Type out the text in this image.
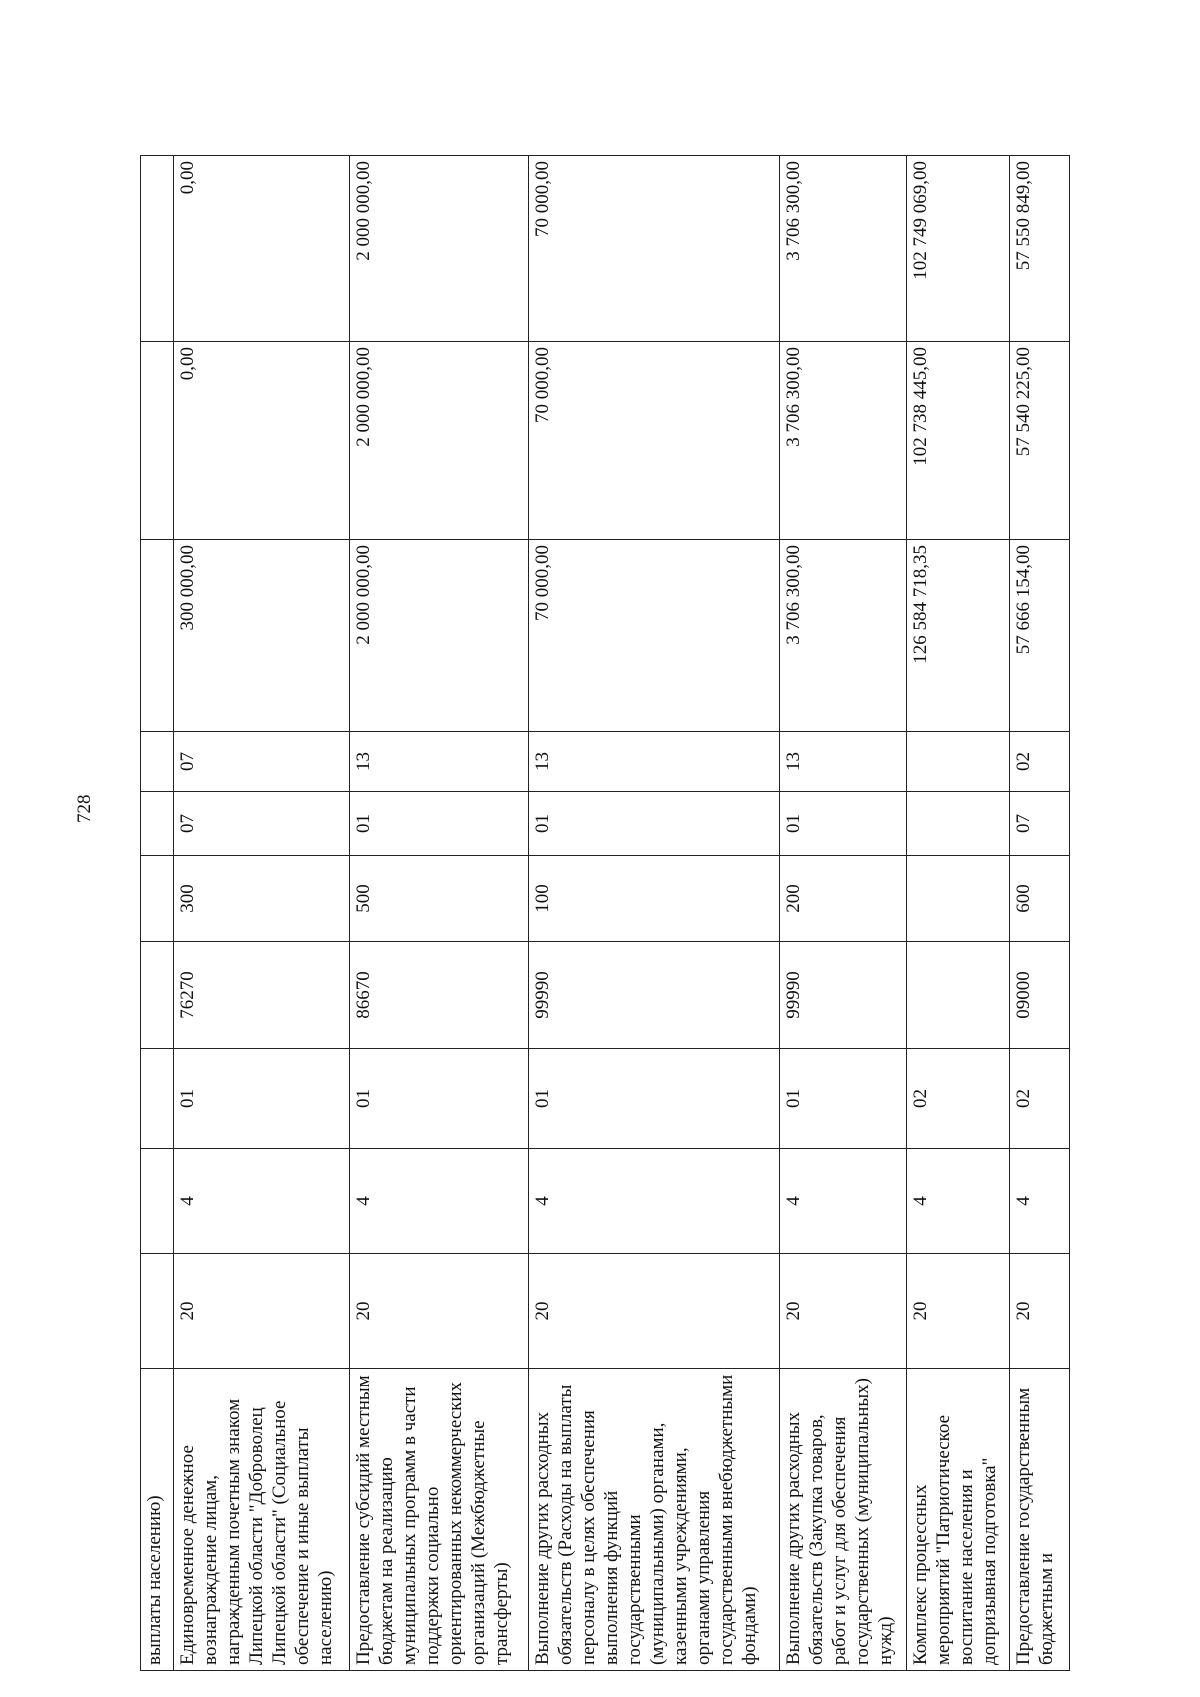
728
выплаты населению)										
Единовременное денежное вознаграждение лицам, награжденным почетным знаком Липецкой области "Доброволец Липецкой области" (Социальное обеспечение и иные выплаты населению)	20	4	01	76270	300	07	07	300 000,00	0,00	0,00
Предоставление субсидий местным бюджетам на реализацию муниципальных программ в части поддержки социально ориентированных некоммерческих организаций (Межбюджетные трансферты)	20	4	01	86670	500	01	13	2 000 000,00	2 000 000,00	2 000 000,00
Выполнение других расходных обязательств (Расходы на выплаты персоналу в целях обеспечения выполнения функций государственными (муниципальными) органами, казенными учреждениями, органами управления государственными внебюджетными фондами)	20	4	01	99990	100	01	13	70 000,00	70 000,00	70 000,00
Выполнение других расходных обязательств (Закупка товаров, работ и услуг для обеспечения государственных (муниципальных) нужд)	20	4	01	99990	200	01	13	3 706 300,00	3 706 300,00	3 706 300,00
Комплекс процессных мероприятий "Патриотическое воспитание населения и допризывная подготовка"	20	4	02					126 584 718,35	102 738 445,00	102 749 069,00
Предоставление государственным бюджетным и	20	4	02	09000	600	07	02	57 666 154,00	57 540 225,00	57 550 849,00
